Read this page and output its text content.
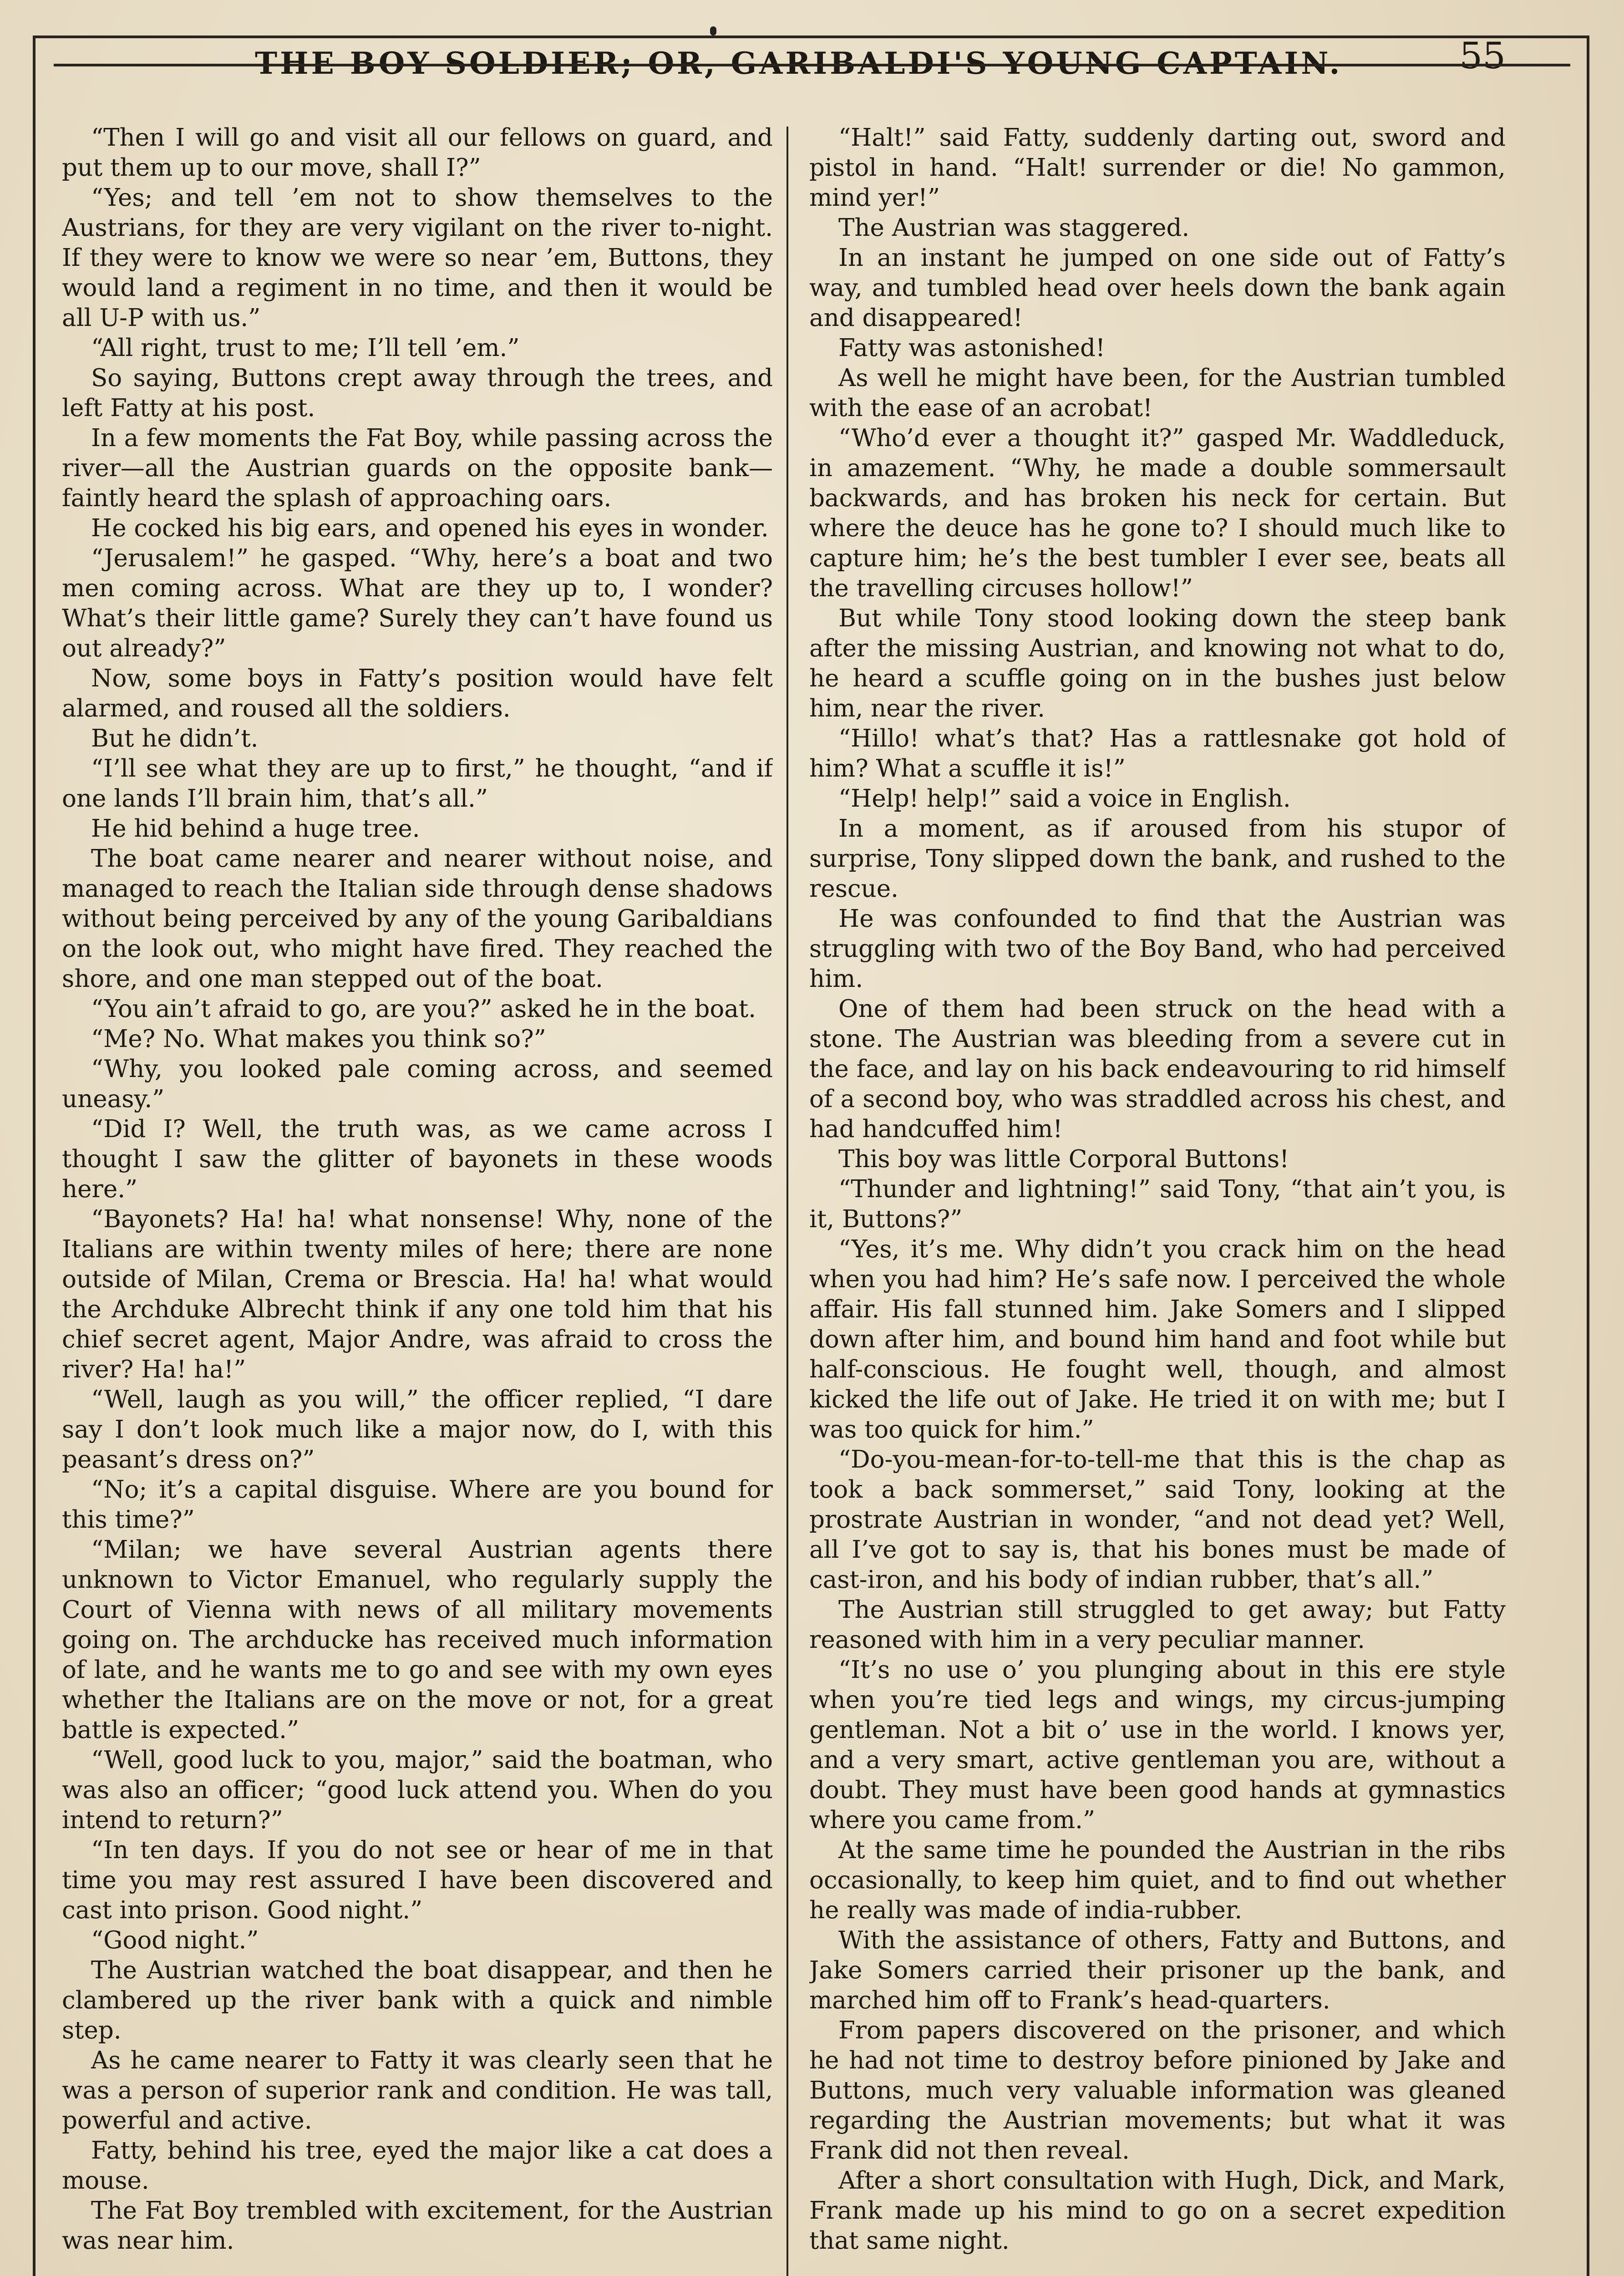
THE BOY SOLDIER; OR, GARIBALDI'S YOUNG CAPTAIN.	55

“Then I will go and visit all our fellows on guard, and put them up to our move, shall I?”

“Yes; and tell ’em not to show themselves to the Austrians, for they are very vigilant on the river to-night. If they were to know we were so near ’em, Buttons, they would land a regiment in no time, and then it would be all U-P with us.”

“All right, trust to me; I’ll tell ’em.”

So saying, Buttons crept away through the trees, and left Fatty at his post.

In a few moments the Fat Boy, while passing across the river—all the Austrian guards on the opposite bank—faintly heard the splash of approaching oars.

He cocked his big ears, and opened his eyes in wonder.

“Jerusalem!” he gasped. “Why, here’s a boat and two men coming across. What are they up to, I wonder? What’s their little game? Surely they can’t have found us out already?”

Now, some boys in Fatty’s position would have felt alarmed, and roused all the soldiers.

But he didn’t.

“I’ll see what they are up to first,” he thought, “and if one lands I’ll brain him, that’s all.”

He hid behind a huge tree.

The boat came nearer and nearer without noise, and managed to reach the Italian side through dense shadows without being perceived by any of the young Garibaldians on the look out, who might have fired. They reached the shore, and one man stepped out of the boat.

“You ain’t afraid to go, are you?” asked he in the boat.

“Me? No. What makes you think so?”

“Why, you looked pale coming across, and seemed uneasy.”

“Did I? Well, the truth was, as we came across I thought I saw the glitter of bayonets in these woods here.”

“Bayonets? Ha! ha! what nonsense! Why, none of the Italians are within twenty miles of here; there are none outside of Milan, Crema or Brescia. Ha! ha! what would the Archduke Albrecht think if any one told him that his chief secret agent, Major Andre, was afraid to cross the river? Ha! ha!”

“Well, laugh as you will,” the officer replied, “I dare say I don’t look much like a major now, do I, with this peasant’s dress on?”

“No; it’s a capital disguise. Where are you bound for this time?”

“Milan; we have several Austrian agents there unknown to Victor Emanuel, who regularly supply the Court of Vienna with news of all military movements going on. The archducke has received much information of late, and he wants me to go and see with my own eyes whether the Italians are on the move or not, for a great battle is expected.”

“Well, good luck to you, major,” said the boatman, who was also an officer; “good luck attend you. When do you intend to return?”

“In ten days. If you do not see or hear of me in that time you may rest assured I have been discovered and cast into prison. Good night.”

“Good night.”

The Austrian watched the boat disappear, and then he clambered up the river bank with a quick and nimble step.

As he came nearer to Fatty it was clearly seen that he was a person of superior rank and condition. He was tall, powerful and active.

Fatty, behind his tree, eyed the major like a cat does a mouse.

The Fat Boy trembled with excitement, for the Austrian was near him.

“Halt!” said Fatty, suddenly darting out, sword and pistol in hand. “Halt! surrender or die! No gammon, mind yer!”

The Austrian was staggered.

In an instant he jumped on one side out of Fatty’s way, and tumbled head over heels down the bank again and disappeared!

Fatty was astonished!

As well he might have been, for the Austrian tumbled with the ease of an acrobat!

“Who’d ever a thought it?” gasped Mr. Waddleduck, in amazement. “Why, he made a double sommersault backwards, and has broken his neck for certain. But where the deuce has he gone to? I should much like to capture him; he’s the best tumbler I ever see, beats all the travelling circuses hollow!”

But while Tony stood looking down the steep bank after the missing Austrian, and knowing not what to do, he heard a scuffle going on in the bushes just below him, near the river.

“Hillo! what’s that? Has a rattlesnake got hold of him? What a scuffle it is!”

“Help! help!” said a voice in English.

In a moment, as if aroused from his stupor of surprise, Tony slipped down the bank, and rushed to the rescue.

He was confounded to find that the Austrian was struggling with two of the Boy Band, who had perceived him.

One of them had been struck on the head with a stone. The Austrian was bleeding from a severe cut in the face, and lay on his back endeavouring to rid himself of a second boy, who was straddled across his chest, and had handcuffed him!

This boy was little Corporal Buttons!

“Thunder and lightning!” said Tony, “that ain’t you, is it, Buttons?”

“Yes, it’s me. Why didn’t you crack him on the head when you had him? He’s safe now. I perceived the whole affair. His fall stunned him. Jake Somers and I slipped down after him, and bound him hand and foot while but half-conscious. He fought well, though, and almost kicked the life out of Jake. He tried it on with me; but I was too quick for him.”

“Do-you-mean-for-to-tell-me that this is the chap as took a back sommerset,” said Tony, looking at the prostrate Austrian in wonder, “and not dead yet? Well, all I’ve got to say is, that his bones must be made of cast-iron, and his body of indian rubber, that’s all.”

The Austrian still struggled to get away; but Fatty reasoned with him in a very peculiar manner.

“It’s no use o’ you plunging about in this ere style when you’re tied legs and wings, my circus-jumping gentleman. Not a bit o’ use in the world. I knows yer, and a very smart, active gentleman you are, without a doubt. They must have been good hands at gymnastics where you came from.”

At the same time he pounded the Austrian in the ribs occasionally, to keep him quiet, and to find out whether he really was made of india-rubber.

With the assistance of others, Fatty and Buttons, and Jake Somers carried their prisoner up the bank, and marched him off to Frank’s head-quarters.

From papers discovered on the prisoner, and which he had not time to destroy before pinioned by Jake and Buttons, much very valuable information was gleaned regarding the Austrian movements; but what it was Frank did not then reveal.

After a short consultation with Hugh, Dick, and Mark, Frank made up his mind to go on a secret expedition that same night.
